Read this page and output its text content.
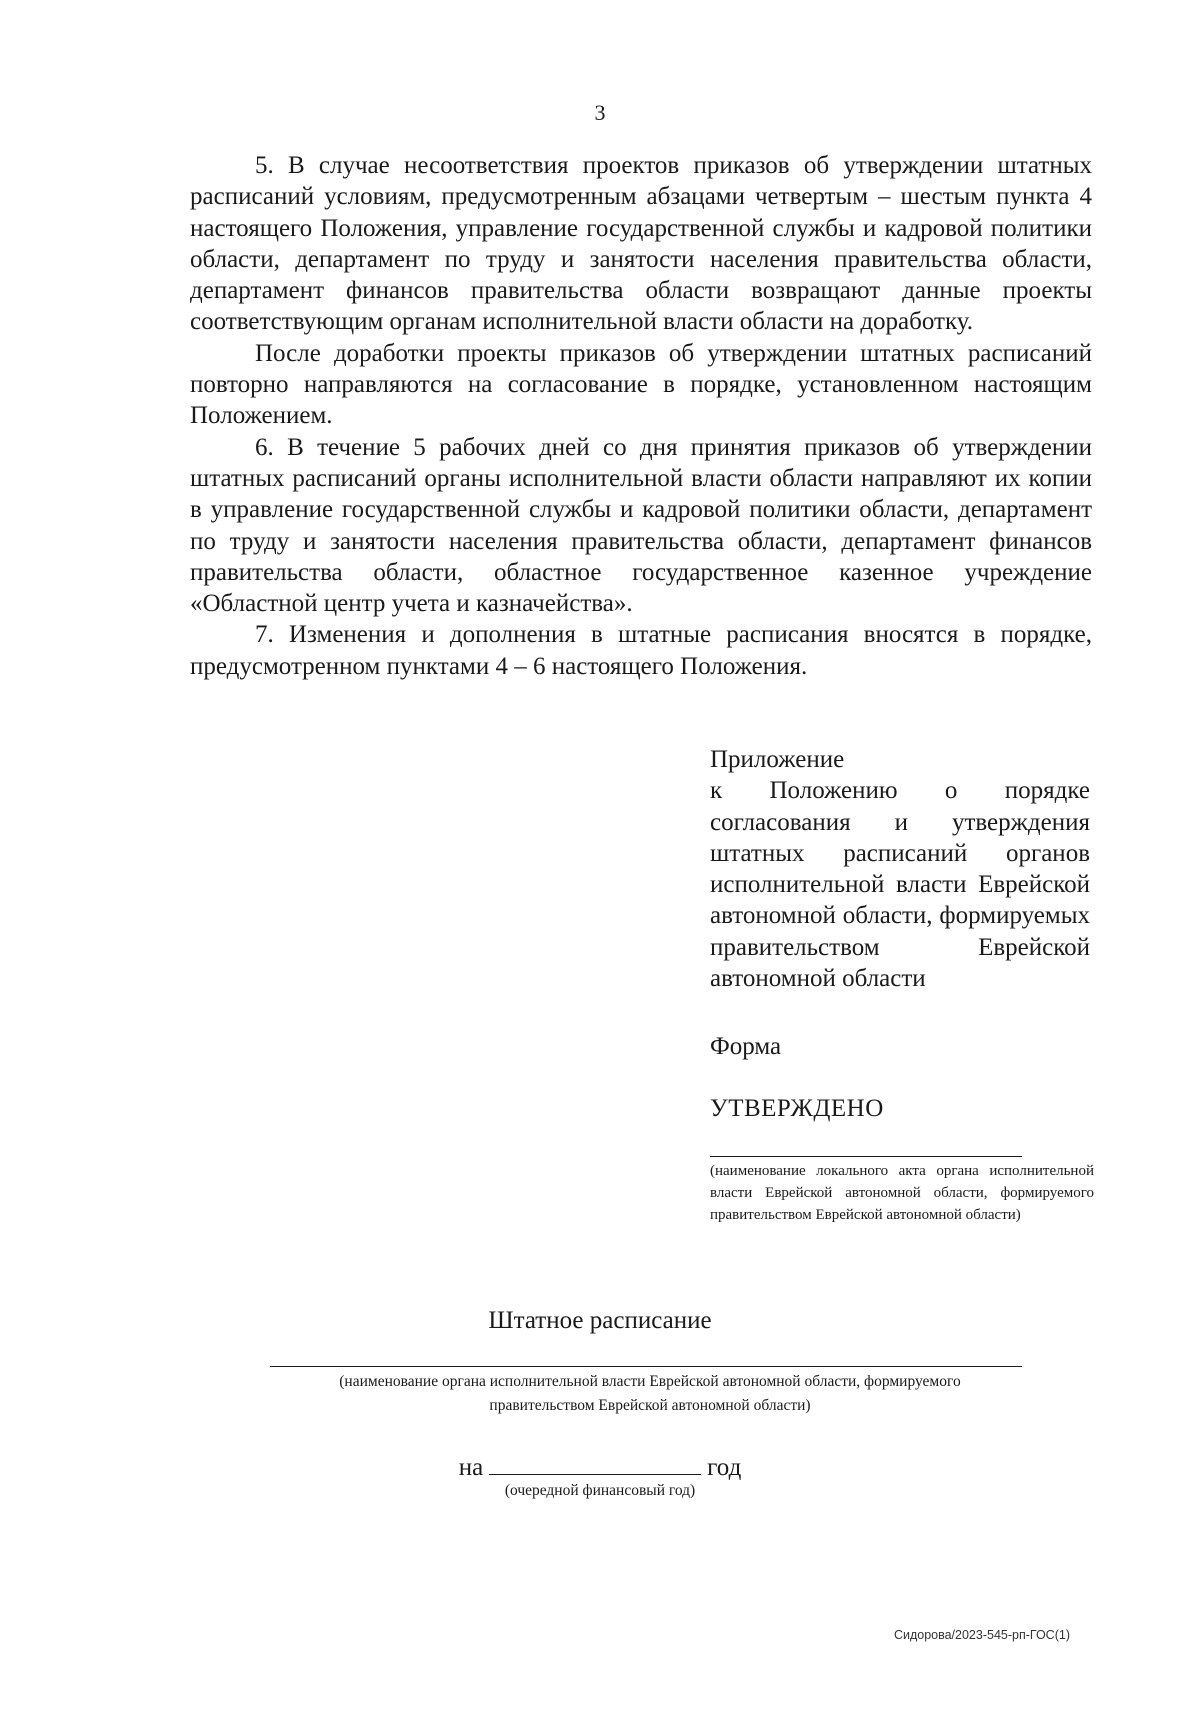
3

5. В случае несоответствия проектов приказов об утверждении штатных расписаний условиям, предусмотренным абзацами четвертым – шестым пункта 4 настоящего Положения, управление государственной службы и кадровой политики области, департамент по труду и занятости населения правительства области, департамент финансов правительства области возвращают данные проекты соответствующим органам исполнительной власти области на доработку.

После доработки проекты приказов об утверждении штатных расписаний повторно направляются на согласование в порядке, установленном настоящим Положением.

6. В течение 5 рабочих дней со дня принятия приказов об утверждении штатных расписаний органы исполнительной власти области направляют их копии в управление государственной службы и кадровой политики области, департамент по труду и занятости населения правительства области, департамент финансов правительства области, областное государственное казенное учреждение «Областной центр учета и казначейства».

7. Изменения и дополнения в штатные расписания вносятся в порядке, предусмотренном пунктами 4 – 6 настоящего Положения.

Приложение

к Положению о порядке согласования и утверждения штатных расписаний органов исполнительной власти Еврейской автономной области, формируемых правительством Еврейской автономной области

Форма
УТВЕРЖДЕНО
(наименование локального акта органа исполнительной власти Еврейской автономной области, формируемого правительством Еврейской автономной области)
Штатное расписание
(наименование органа исполнительной власти Еврейской автономной области, формируемого
правительством Еврейской автономной области)
на	год
(очередной финансовый год)
Сидорова/2023-545-рп-ГОС(1)
